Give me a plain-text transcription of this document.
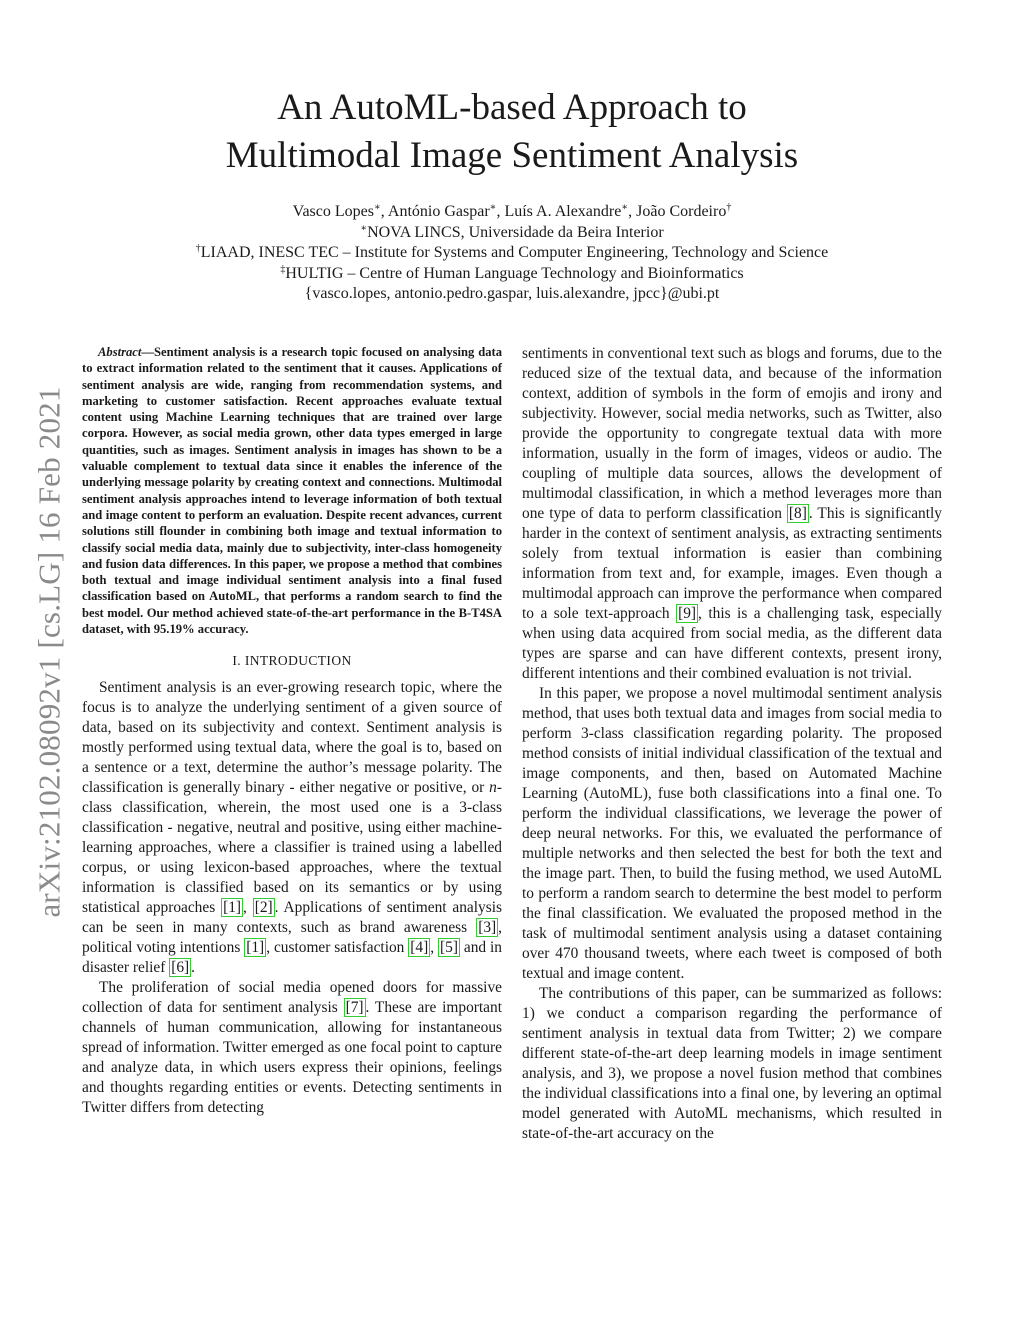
An AutoML-based Approach to
Multimodal Image Sentiment Analysis
Vasco Lopes∗, António Gaspar∗, Luís A. Alexandre∗, João Cordeiro†
∗NOVA LINCS, Universidade da Beira Interior
†LIAAD, INESC TEC – Institute for Systems and Computer Engineering, Technology and Science
‡HULTIG – Centre of Human Language Technology and Bioinformatics
{vasco.lopes, antonio.pedro.gaspar, luis.alexandre, jpcc}@ubi.pt
arXiv:2102.08092v1 [cs.LG] 16 Feb 2021

Abstract—Sentiment analysis is a research topic focused on analysing data to extract information related to the sentiment that it causes. Applications of sentiment analysis are wide, ranging from recommendation systems, and marketing to customer satisfaction. Recent approaches evaluate textual content using Machine Learning techniques that are trained over large corpora. However, as social media grown, other data types emerged in large quantities, such as images. Sentiment analysis in images has shown to be a valuable complement to textual data since it enables the inference of the underlying message polarity by creating context and connections. Multimodal sentiment analysis approaches intend to leverage information of both textual and image content to perform an evaluation. Despite recent advances, current solutions still flounder in combining both image and textual information to classify social media data, mainly due to subjectivity, inter-class homogeneity and fusion data differences. In this paper, we propose a method that combines both textual and image individual sentiment analysis into a final fused classification based on AutoML, that performs a random search to find the best model. Our method achieved state-of-the-art performance in the B-T4SA dataset, with 95.19% accuracy.

I. INTRODUCTION

Sentiment analysis is an ever-growing research topic, where the focus is to analyze the underlying sentiment of a given source of data, based on its subjectivity and context. Sentiment analysis is mostly performed using textual data, where the goal is to, based on a sentence or a text, determine the author’s message polarity. The classification is generally binary - either negative or positive, or n-class classification, wherein, the most used one is a 3-class classification - negative, neutral and positive, using either machine-learning approaches, where a classifier is trained using a labelled corpus, or using lexicon-based approaches, where the textual information is classified based on its semantics or by using statistical approaches [1] , [2] . Applications of sentiment analysis can be seen in many contexts, such as brand awareness [3] , political voting intentions [1] , customer satisfaction [4] , [5] and in disaster relief [6] .

The proliferation of social media opened doors for massive collection of data for sentiment analysis [7] . These are important channels of human communication, allowing for instantaneous spread of information. Twitter emerged as one focal point to capture and analyze data, in which users express their opinions, feelings and thoughts regarding entities or events. Detecting sentiments in Twitter differs from detecting

sentiments in conventional text such as blogs and forums, due to the reduced size of the textual data, and because of the information context, addition of symbols in the form of emojis and irony and subjectivity. However, social media networks, such as Twitter, also provide the opportunity to congregate textual data with more information, usually in the form of images, videos or audio. The coupling of multiple data sources, allows the development of multimodal classification, in which a method leverages more than one type of data to perform classification [8] . This is significantly harder in the context of sentiment analysis, as extracting sentiments solely from textual information is easier than combining information from text and, for example, images. Even though a multimodal approach can improve the performance when compared to a sole text-approach [9] , this is a challenging task, especially when using data acquired from social media, as the different data types are sparse and can have different contexts, present irony, different intentions and their combined evaluation is not trivial.

In this paper, we propose a novel multimodal sentiment analysis method, that uses both textual data and images from social media to perform 3-class classification regarding polarity. The proposed method consists of initial individual classification of the textual and image components, and then, based on Automated Machine Learning (AutoML), fuse both classifications into a final one. To perform the individual classifications, we leverage the power of deep neural networks. For this, we evaluated the performance of multiple networks and then selected the best for both the text and the image part. Then, to build the fusing method, we used AutoML to perform a random search to determine the best model to perform the final classification. We evaluated the proposed method in the task of multimodal sentiment analysis using a dataset containing over 470 thousand tweets, where each tweet is composed of both textual and image content.

The contributions of this paper, can be summarized as follows: 1) we conduct a comparison regarding the performance of sentiment analysis in textual data from Twitter; 2) we compare different state-of-the-art deep learning models in image sentiment analysis, and 3), we propose a novel fusion method that combines the individual classifications into a final one, by levering an optimal model generated with AutoML mechanisms, which resulted in state-of-the-art accuracy on the
